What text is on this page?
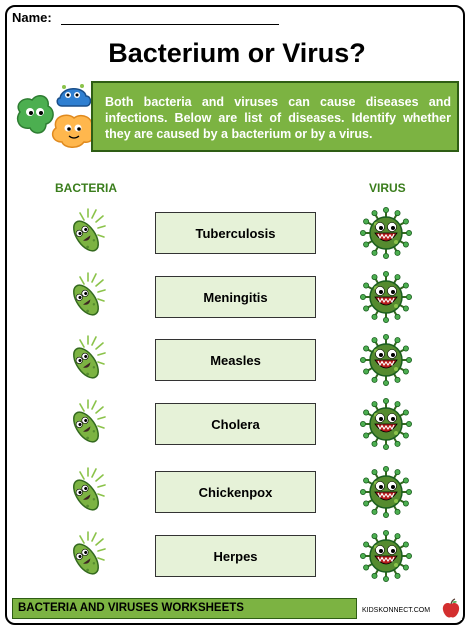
Name:
Bacterium or Virus?
Both bacteria and viruses can cause diseases and infections. Below are list of diseases. Identify whether they are caused by a bacterium or by a virus.
BACTERIA	VIRUS
Tuberculosis
Meningitis
Measles
Cholera
Chickenpox
Herpes
BACTERIA AND VIRUSES WORKSHEETS	KIDSKONNECT.COM
